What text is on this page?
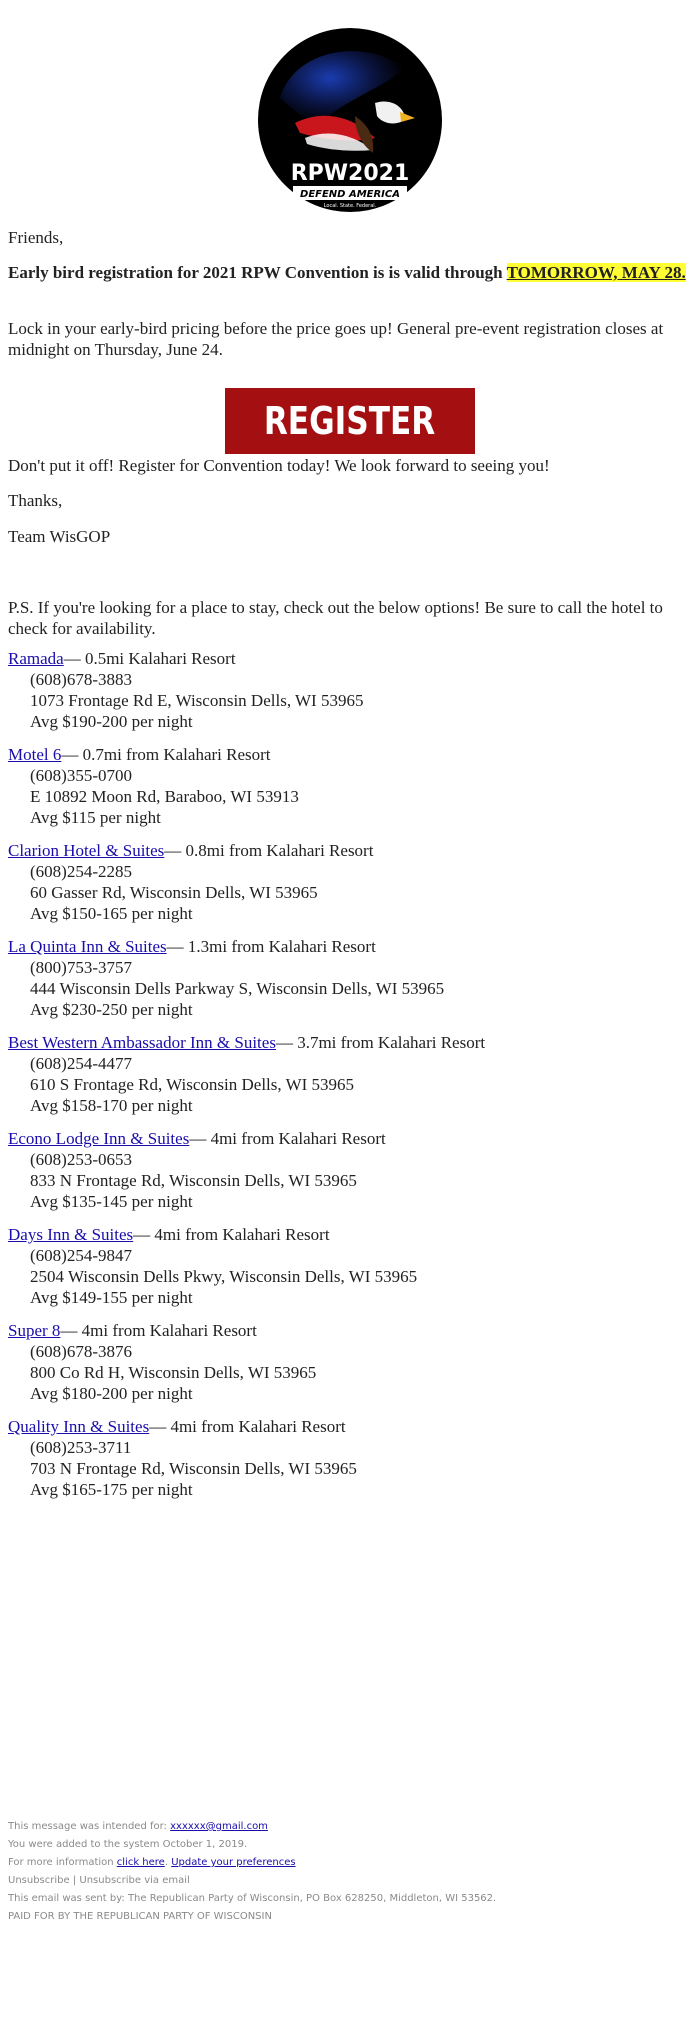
RPW2021
DEFEND AMERICA
Local. State. Federal.
Friends,
Early bird registration for 2021 RPW Convention is is valid through TOMORROW, MAY 28.
Lock in your early-bird pricing before the price goes up! General pre-event registration closes at midnight on Thursday, June 24.
REGISTER
Don't put it off! Register for Convention today! We look forward to seeing you!
Thanks,
Team WisGOP
P.S. If you're looking for a place to stay, check out the below options! Be sure to call the hotel to check for availability.
Ramada— 0.5mi Kalahari Resort
(608)678-3883
1073 Frontage Rd E, Wisconsin Dells, WI 53965
Avg $190-200 per night
Motel 6— 0.7mi from Kalahari Resort
(608)355-0700
E 10892 Moon Rd, Baraboo, WI 53913
Avg $115 per night
Clarion Hotel & Suites— 0.8mi from Kalahari Resort
(608)254-2285
60 Gasser Rd, Wisconsin Dells, WI 53965
Avg $150-165 per night
La Quinta Inn & Suites— 1.3mi from Kalahari Resort
(800)753-3757
444 Wisconsin Dells Parkway S, Wisconsin Dells, WI 53965
Avg $230-250 per night
Best Western Ambassador Inn & Suites— 3.7mi from Kalahari Resort
(608)254-4477
610 S Frontage Rd, Wisconsin Dells, WI 53965
Avg $158-170 per night
Econo Lodge Inn & Suites— 4mi from Kalahari Resort
(608)253-0653
833 N Frontage Rd, Wisconsin Dells, WI 53965
Avg $135-145 per night
Days Inn & Suites— 4mi from Kalahari Resort
(608)254-9847
2504 Wisconsin Dells Pkwy, Wisconsin Dells, WI 53965
Avg $149-155 per night
Super 8— 4mi from Kalahari Resort
(608)678-3876
800 Co Rd H, Wisconsin Dells, WI 53965
Avg $180-200 per night
Quality Inn & Suites— 4mi from Kalahari Resort
(608)253-3711
703 N Frontage Rd, Wisconsin Dells, WI 53965
Avg $165-175 per night
This message was intended for: xxxxxx@gmail.com
You were added to the system October 1, 2019.
For more information click here. Update your preferences
Unsubscribe | Unsubscribe via email
This email was sent by: The Republican Party of Wisconsin, PO Box 628250, Middleton, WI 53562.
PAID FOR BY THE REPUBLICAN PARTY OF WISCONSIN
